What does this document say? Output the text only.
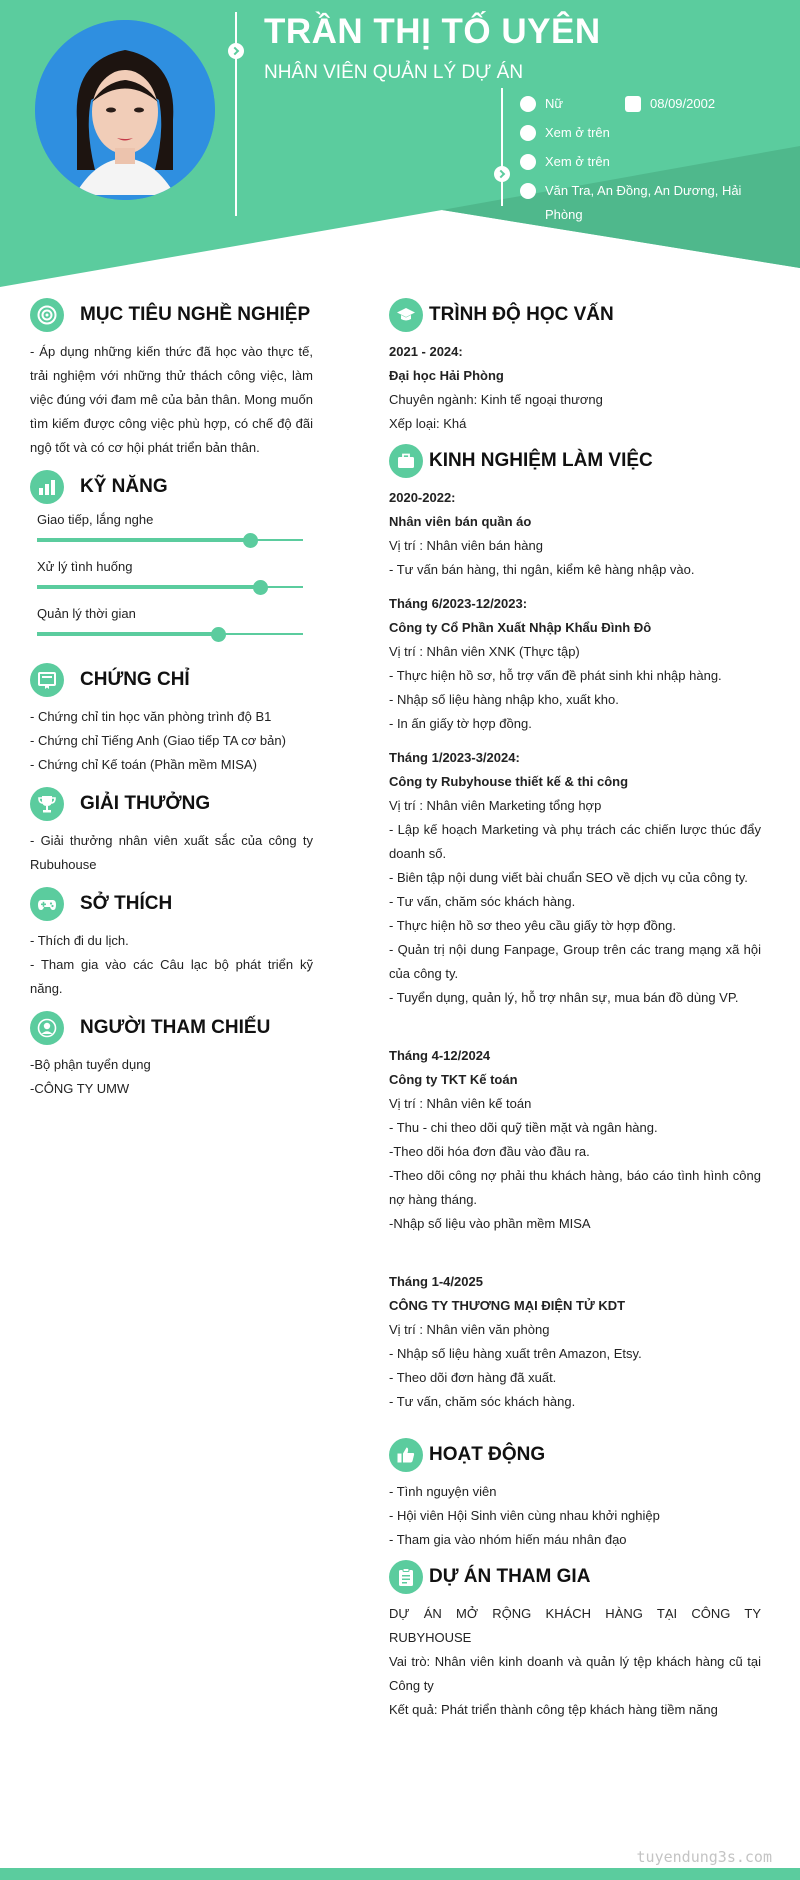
TRẦN THỊ TỐ UYÊN
NHÂN VIÊN QUẢN LÝ DỰ ÁN
Nữ	08/09/2002
Xem ở trên
Xem ở trên
Văn Tra, An Đồng, An Dương, Hải
Phòng
MỤC TIÊU NGHỀ NGHIỆP

- Áp dụng những kiến thức đã học vào thực tế, trải nghiệm với những thử thách công việc, làm việc đúng với đam mê của bản thân. Mong muốn tìm kiếm được công việc phù hợp, có chế độ đãi ngộ tốt và có cơ hội phát triển bản thân.

KỸ NĂNG
Giao tiếp, lắng nghe
Xử lý tình huống
Quản lý thời gian
CHỨNG CHỈ
- Chứng chỉ tin học văn phòng trình độ B1
- Chứng chỉ Tiếng Anh (Giao tiếp TA cơ bản)
- Chứng chỉ Kế toán (Phần mềm MISA)
GIẢI THƯỞNG

- Giải thưởng nhân viên xuất sắc của công ty Rubuhouse

SỞ THÍCH

- Thích đi du lịch.

- Tham gia vào các Câu lạc bộ phát triển kỹ năng.

NGƯỜI THAM CHIẾU
-Bộ phận tuyển dụng
-CÔNG TY UMW
TRÌNH ĐỘ HỌC VẤN
2021 - 2024:
Đại học Hải Phòng
Chuyên ngành: Kinh tế ngoại thương
Xếp loại: Khá
KINH NGHIỆM LÀM VIỆC
2020-2022:
Nhân viên bán quần áo
Vị trí : Nhân viên bán hàng
- Tư vấn bán hàng, thi ngân, kiểm kê hàng nhập vào.
Tháng 6/2023-12/2023:
Công ty Cổ Phần Xuất Nhập Khẩu Đình Đô
Vị trí : Nhân viên XNK (Thực tập)
- Thực hiện hồ sơ, hỗ trợ vấn đề phát sinh khi nhập hàng.
- Nhập số liệu hàng nhập kho, xuất kho.
- In ấn giấy tờ hợp đồng.
Tháng 1/2023-3/2024:
Công ty Rubyhouse thiết kế & thi công
Vị trí : Nhân viên Marketing tổng hợp
- Lập kế hoạch Marketing và phụ trách các chiến lược thúc đẩy doanh số.
- Biên tập nội dung viết bài chuẩn SEO về dịch vụ của công ty.
- Tư vấn, chăm sóc khách hàng.
- Thực hiện hồ sơ theo yêu cầu giấy tờ hợp đồng.
- Quản trị nội dung Fanpage, Group trên các trang mạng xã hội của công ty.
- Tuyển dụng, quản lý, hỗ trợ nhân sự, mua bán đồ dùng VP.
Tháng 4-12/2024
Công ty TKT Kế toán
Vị trí : Nhân viên kế toán
- Thu - chi theo dõi quỹ tiền mặt và ngân hàng.
-Theo dõi hóa đơn đầu vào đầu ra.
-Theo dõi công nợ phải thu khách hàng, báo cáo tình hình công nợ hàng tháng.
-Nhập số liệu vào phần mềm MISA
Tháng 1-4/2025
CÔNG TY THƯƠNG MẠI ĐIỆN TỬ KDT
Vị trí : Nhân viên văn phòng
- Nhập số liệu hàng xuất trên Amazon, Etsy.
- Theo dõi đơn hàng đã xuất.
- Tư vấn, chăm sóc khách hàng.
HOẠT ĐỘNG
- Tình nguyện viên
- Hội viên Hội Sinh viên cùng nhau khởi nghiệp
- Tham gia vào nhóm hiến máu nhân đạo
DỰ ÁN THAM GIA

DỰ ÁN MỞ RỘNG KHÁCH HÀNG TẠI CÔNG TY RUBYHOUSE

Vai trò: Nhân viên kinh doanh và quản lý tệp khách hàng cũ tại Công ty

Kết quả: Phát triển thành công tệp khách hàng tiềm năng

tuyendung3s.com
